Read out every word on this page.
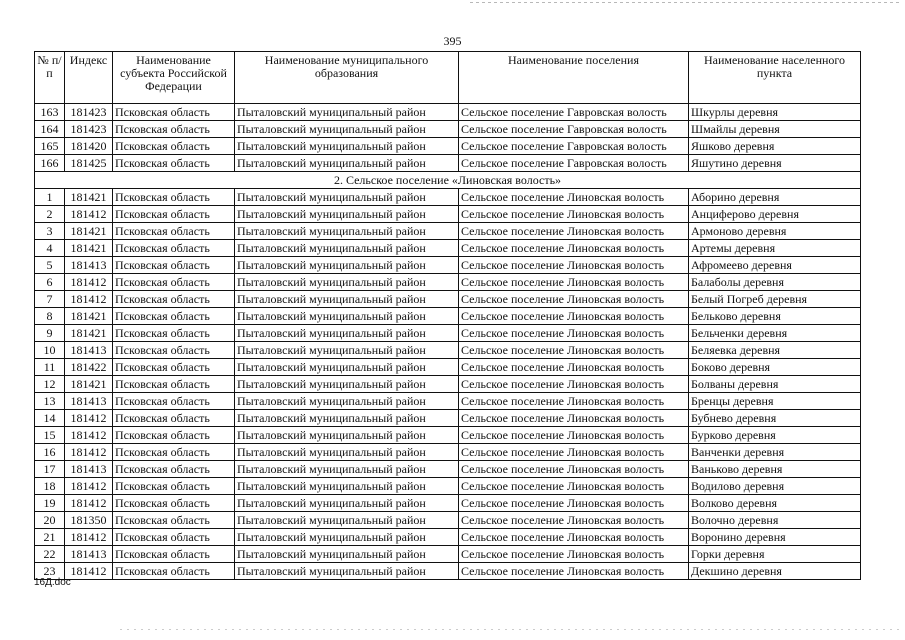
395
№ п/п	Индекс	Наименование субъекта Российской Федерации	Наименование муниципального образования	Наименование поселения	Наименование населенного пункта
163	181423	Псковская область	Пыталовский муниципальный район	Сельское поселение Гавровская волость	Шкурлы деревня
164	181423	Псковская область	Пыталовский муниципальный район	Сельское поселение Гавровская волость	Шмайлы деревня
165	181420	Псковская область	Пыталовский муниципальный район	Сельское поселение Гавровская волость	Яшково деревня
166	181425	Псковская область	Пыталовский муниципальный район	Сельское поселение Гавровская волость	Яшутино деревня
2. Сельское поселение «Линовская волость»					
1	181421	Псковская область	Пыталовский муниципальный район	Сельское поселение Линовская волость	Аборино деревня
2	181412	Псковская область	Пыталовский муниципальный район	Сельское поселение Линовская волость	Анциферово деревня
3	181421	Псковская область	Пыталовский муниципальный район	Сельское поселение Линовская волость	Армоново деревня
4	181421	Псковская область	Пыталовский муниципальный район	Сельское поселение Линовская волость	Артемы деревня
5	181413	Псковская область	Пыталовский муниципальный район	Сельское поселение Линовская волость	Афромеево деревня
6	181412	Псковская область	Пыталовский муниципальный район	Сельское поселение Линовская волость	Балаболы деревня
7	181412	Псковская область	Пыталовский муниципальный район	Сельское поселение Линовская волость	Белый Погреб деревня
8	181421	Псковская область	Пыталовский муниципальный район	Сельское поселение Линовская волость	Бельково деревня
9	181421	Псковская область	Пыталовский муниципальный район	Сельское поселение Линовская волость	Бельченки деревня
10	181413	Псковская область	Пыталовский муниципальный район	Сельское поселение Линовская волость	Беляевка деревня
11	181422	Псковская область	Пыталовский муниципальный район	Сельское поселение Линовская волость	Боково деревня
12	181421	Псковская область	Пыталовский муниципальный район	Сельское поселение Линовская волость	Болваны деревня
13	181413	Псковская область	Пыталовский муниципальный район	Сельское поселение Линовская волость	Бренцы деревня
14	181412	Псковская область	Пыталовский муниципальный район	Сельское поселение Линовская волость	Бубнево деревня
15	181412	Псковская область	Пыталовский муниципальный район	Сельское поселение Линовская волость	Бурково деревня
16	181412	Псковская область	Пыталовский муниципальный район	Сельское поселение Линовская волость	Ванченки деревня
17	181413	Псковская область	Пыталовский муниципальный район	Сельское поселение Линовская волость	Ваньково деревня
18	181412	Псковская область	Пыталовский муниципальный район	Сельское поселение Линовская волость	Водилово деревня
19	181412	Псковская область	Пыталовский муниципальный район	Сельское поселение Линовская волость	Волково деревня
20	181350	Псковская область	Пыталовский муниципальный район	Сельское поселение Линовская волость	Волочно деревня
21	181412	Псковская область	Пыталовский муниципальный район	Сельское поселение Линовская волость	Воронино деревня
22	181413	Псковская область	Пыталовский муниципальный район	Сельское поселение Линовская волость	Горки деревня
23	181412	Псковская область	Пыталовский муниципальный район	Сельское поселение Линовская волость	Декшино деревня
16Д.doc
